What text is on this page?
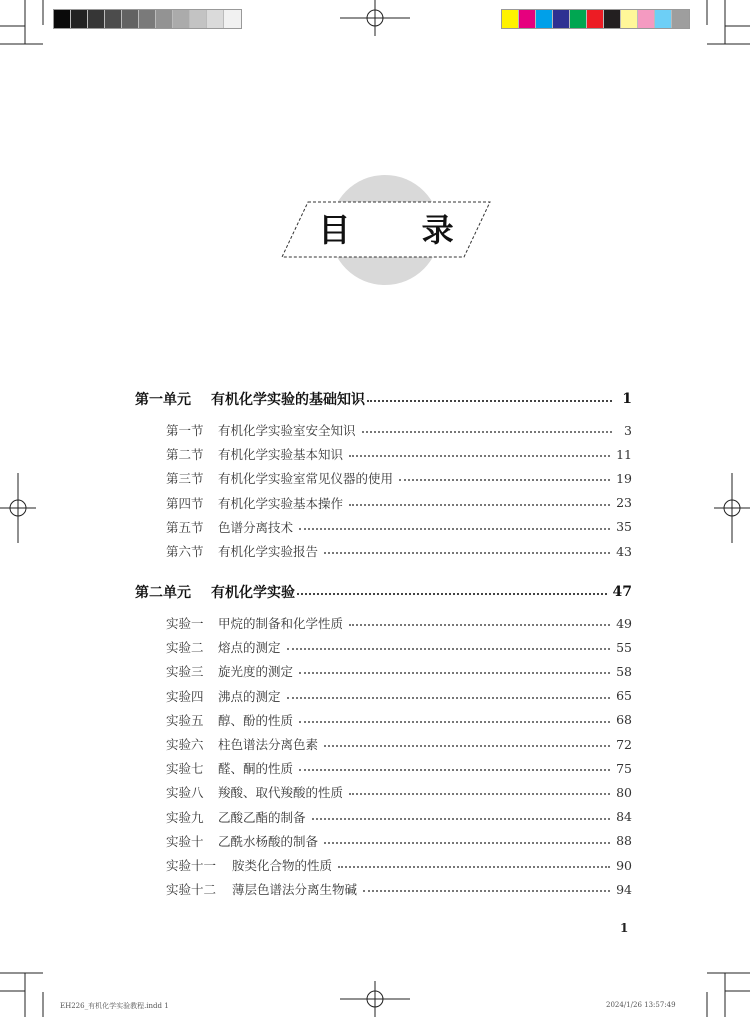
目 录
第一单元	有机化学实验的基础知识	1
第一节	有机化学实验室安全知识	3
第二节	有机化学实验基本知识	11
第三节	有机化学实验室常见仪器的使用	19
第四节	有机化学实验基本操作	23
第五节	色谱分离技术	35
第六节	有机化学实验报告	43
第二单元	有机化学实验	47
实验一	甲烷的制备和化学性质	49
实验二	熔点的测定	55
实验三	旋光度的测定	58
实验四	沸点的测定	65
实验五	醇、酚的性质	68
实验六	柱色谱法分离色素	72
实验七	醛、酮的性质	75
实验八	羧酸、取代羧酸的性质	80
实验九	乙酸乙酯的制备	84
实验十	乙酰水杨酸的制备	88
实验十一	胺类化合物的性质	90
实验十二	薄层色谱法分离生物碱	94
1
EH226_有机化学实验教程.indd 1	2024/1/26 13:57:49
